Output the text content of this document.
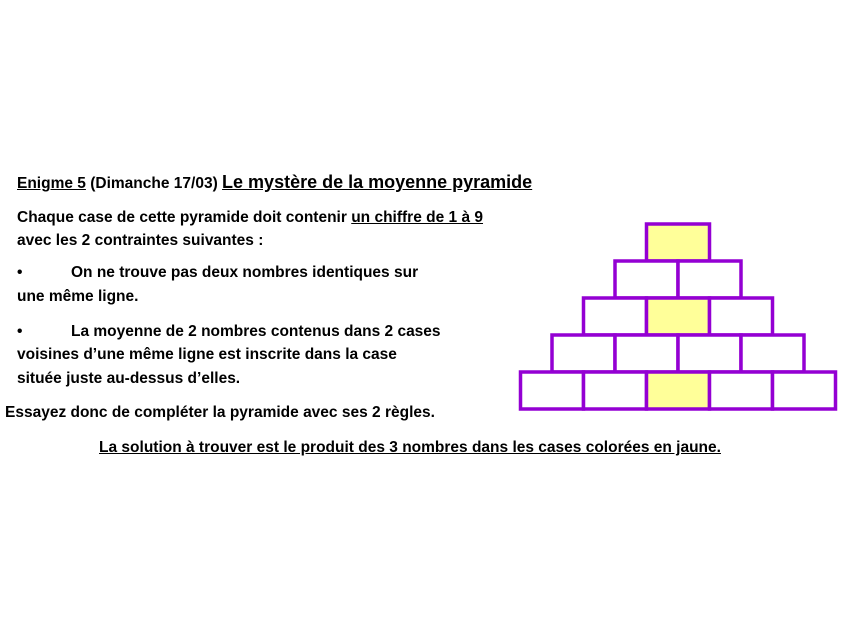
Enigme 5 (Dimanche 17/03) Le mystère de la moyenne pyramide
Chaque case de cette pyramide doit contenir un chiffre de 1 à 9
avec les 2 contraintes suivantes :
•	On ne trouve pas deux nombres identiques sur
une même ligne.
•	La moyenne de 2 nombres contenus dans 2 cases
voisines d’une même ligne est inscrite dans la case
située juste au-dessus d’elles.
Essayez donc de compléter la pyramide avec ses 2 règles.
La solution à trouver est le produit des 3 nombres dans les cases colorées en jaune.
